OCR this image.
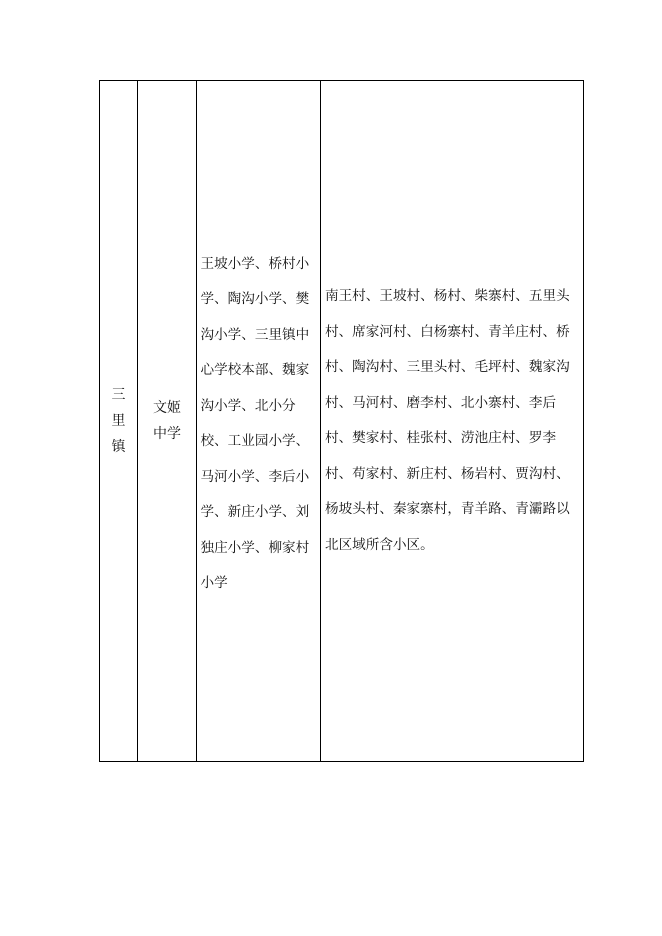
三里镇
文姬中学
王坡小学、桥村小学、陶沟小学、樊沟小学、三里镇中心学校本部、魏家沟小学、北小分校、工业园小学、马河小学、李后小学、新庄小学、刘独庄小学、柳家村小学
南王村、王坡村、杨村、柴寨村、五里头村、席家河村、白杨寨村、青羊庄村、桥村、陶沟村、三里头村、毛坪村、魏家沟村、马河村、磨李村、北小寨村、李后村、樊家村、桂张村、涝池庄村、罗李村、苟家村、新庄村、杨岩村、贾沟村、杨坡头村、秦家寨村，青羊路、青灞路以北区域所含小区。
